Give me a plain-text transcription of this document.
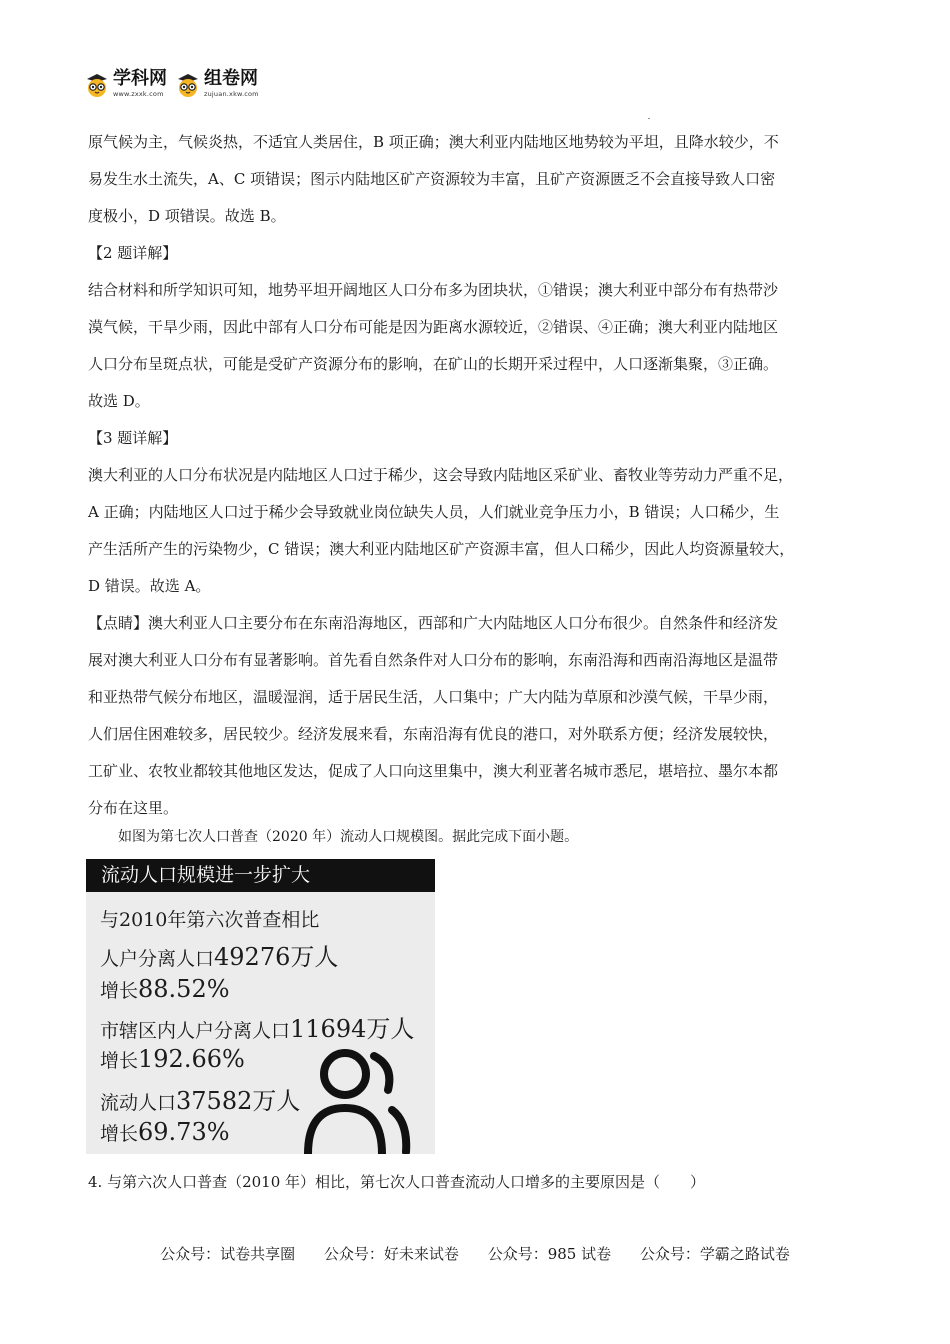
学科网
www.zxxk.com
组卷网
zujuan.xkw.com
原气候为主，气候炎热，不适宜人类居住，B 项正确；澳大利亚内陆地区地势较为平坦，且降水较少，不
易发生水土流失，A、C 项错误；图示内陆地区矿产资源较为丰富，且矿产资源匮乏不会直接导致人口密
度极小，D 项错误。故选 B。
【2 题详解】
结合材料和所学知识可知，地势平坦开阔地区人口分布多为团块状，①错误；澳大利亚中部分布有热带沙
漠气候，干旱少雨，因此中部有人口分布可能是因为距离水源较近，②错误、④正确；澳大利亚内陆地区
人口分布呈斑点状，可能是受矿产资源分布的影响，在矿山的长期开采过程中，人口逐渐集聚，③正确。
故选 D。
【3 题详解】
澳大利亚的人口分布状况是内陆地区人口过于稀少，这会导致内陆地区采矿业、畜牧业等劳动力严重不足，
A 正确；内陆地区人口过于稀少会导致就业岗位缺失人员，人们就业竞争压力小，B 错误；人口稀少，生
产生活所产生的污染物少，C 错误；澳大利亚内陆地区矿产资源丰富，但人口稀少，因此人均资源量较大，
D 错误。故选 A。
【点睛】澳大利亚人口主要分布在东南沿海地区，西部和广大内陆地区人口分布很少。自然条件和经济发
展对澳大利亚人口分布有显著影响。首先看自然条件对人口分布的影响，东南沿海和西南沿海地区是温带
和亚热带气候分布地区，温暖湿润，适于居民生活，人口集中；广大内陆为草原和沙漠气候，干旱少雨，
人们居住困难较多，居民较少。经济发展来看，东南沿海有优良的港口，对外联系方便；经济发展较快，
工矿业、农牧业都较其他地区发达，促成了人口向这里集中，澳大利亚著名城市悉尼，堪培拉、墨尔本都
分布在这里。
如图为第七次人口普查（2020 年）流动人口规模图。据此完成下面小题。
流动人口规模进一步扩大
与2010年第六次普查相比
人户分离人口49276万人
增长88.52%
市辖区内人户分离人口11694万人
增长192.66%
流动人口37582万人
增长69.73%
4. 与第六次人口普查（2010 年）相比，第七次人口普查流动人口增多的主要原因是（　　）
公众号：试卷共享圈 公众号：好未来试卷 公众号：985 试卷 公众号：学霸之路试卷
